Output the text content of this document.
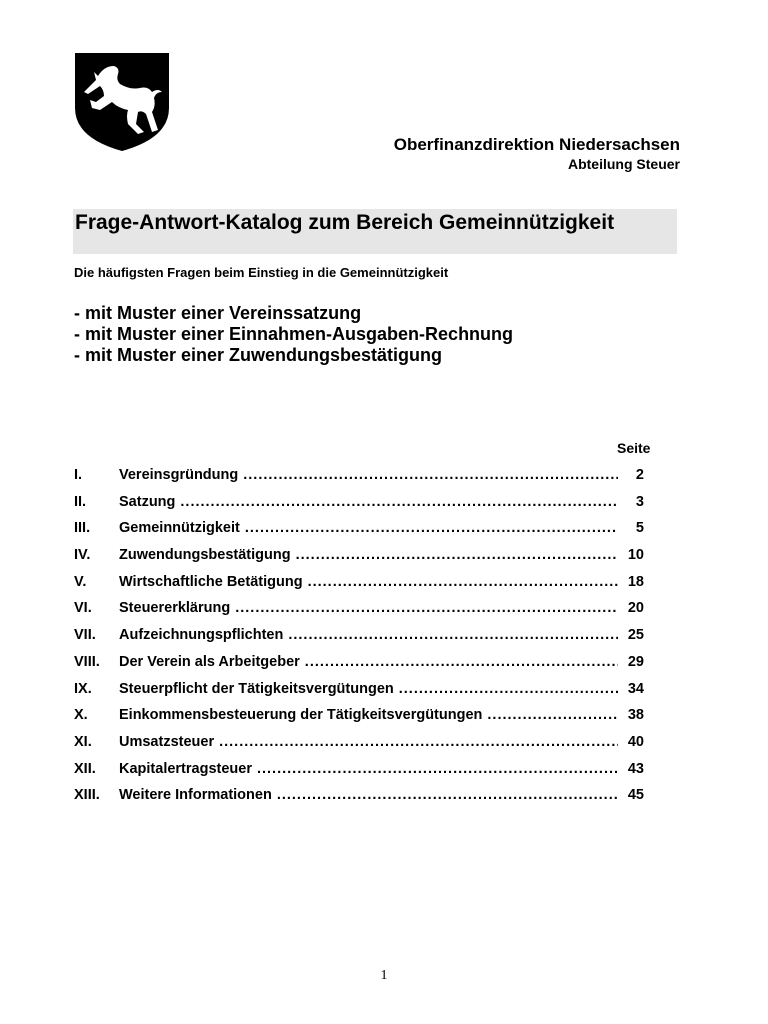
Oberfinanzdirektion Niedersachsen
Abteilung Steuer
Frage-Antwort-Katalog zum Bereich Gemeinnützigkeit
Die häufigsten Fragen beim Einstieg in die Gemeinnützigkeit
- mit Muster einer Vereinssatzung
- mit Muster einer Einnahmen-Ausgaben-Rechnung
- mit Muster einer Zuwendungsbestätigung
Seite
I.	Vereinsgründung .....	2
II.	Satzung .....	3
III.	Gemeinnützigkeit .....	5
IV.	Zuwendungsbestätigung .....	10
V.	Wirtschaftliche Betätigung .....	18
VI.	Steuererklärung .....	20
VII.	Aufzeichnungspflichten .....	25
VIII.	Der Verein als Arbeitgeber .....	29
IX.	Steuerpflicht der Tätigkeitsvergütungen .....	34
X.	Einkommensbesteuerung der Tätigkeitsvergütungen .....	38
XI.	Umsatzsteuer .....	40
XII.	Kapitalertragsteuer .....	43
XIII.	Weitere Informationen .....	45
1
